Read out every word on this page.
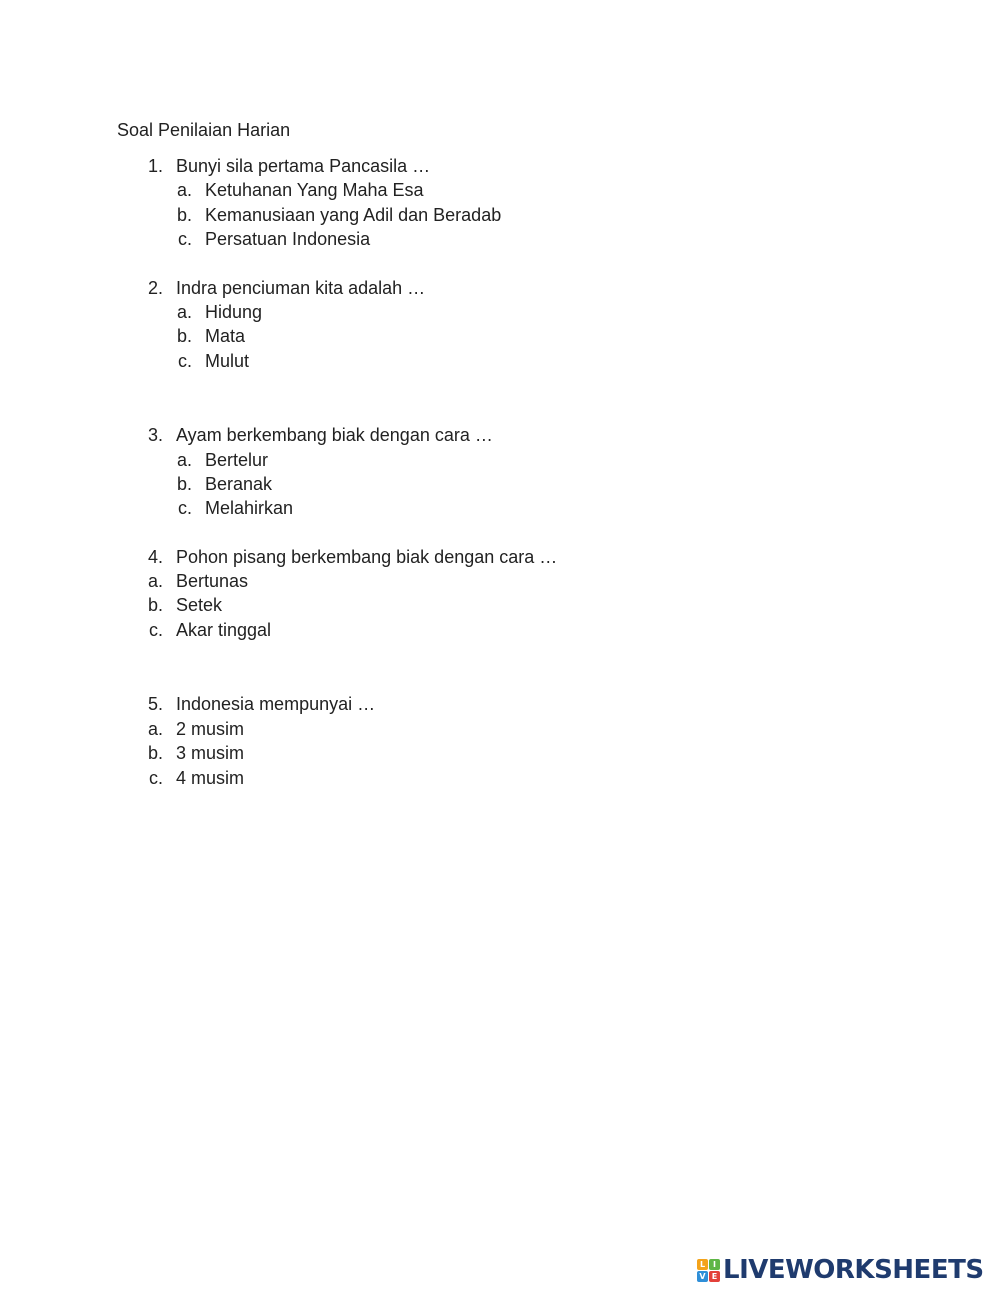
Soal Penilaian Harian
1. Bunyi sila pertama Pancasila …
a. Ketuhanan Yang Maha Esa
b. Kemanusiaan yang Adil dan Beradab
c. Persatuan Indonesia
2. Indra penciuman kita adalah …
a. Hidung
b. Mata
c. Mulut
3. Ayam berkembang biak dengan cara …
a. Bertelur
b. Beranak
c. Melahirkan
4. Pohon pisang berkembang biak dengan cara …
a. Bertunas
b. Setek
c. Akar tinggal
5. Indonesia mempunyai …
a. 2 musim
b. 3 musim
c. 4 musim
L I
V E LIVEWORKSHEETS
